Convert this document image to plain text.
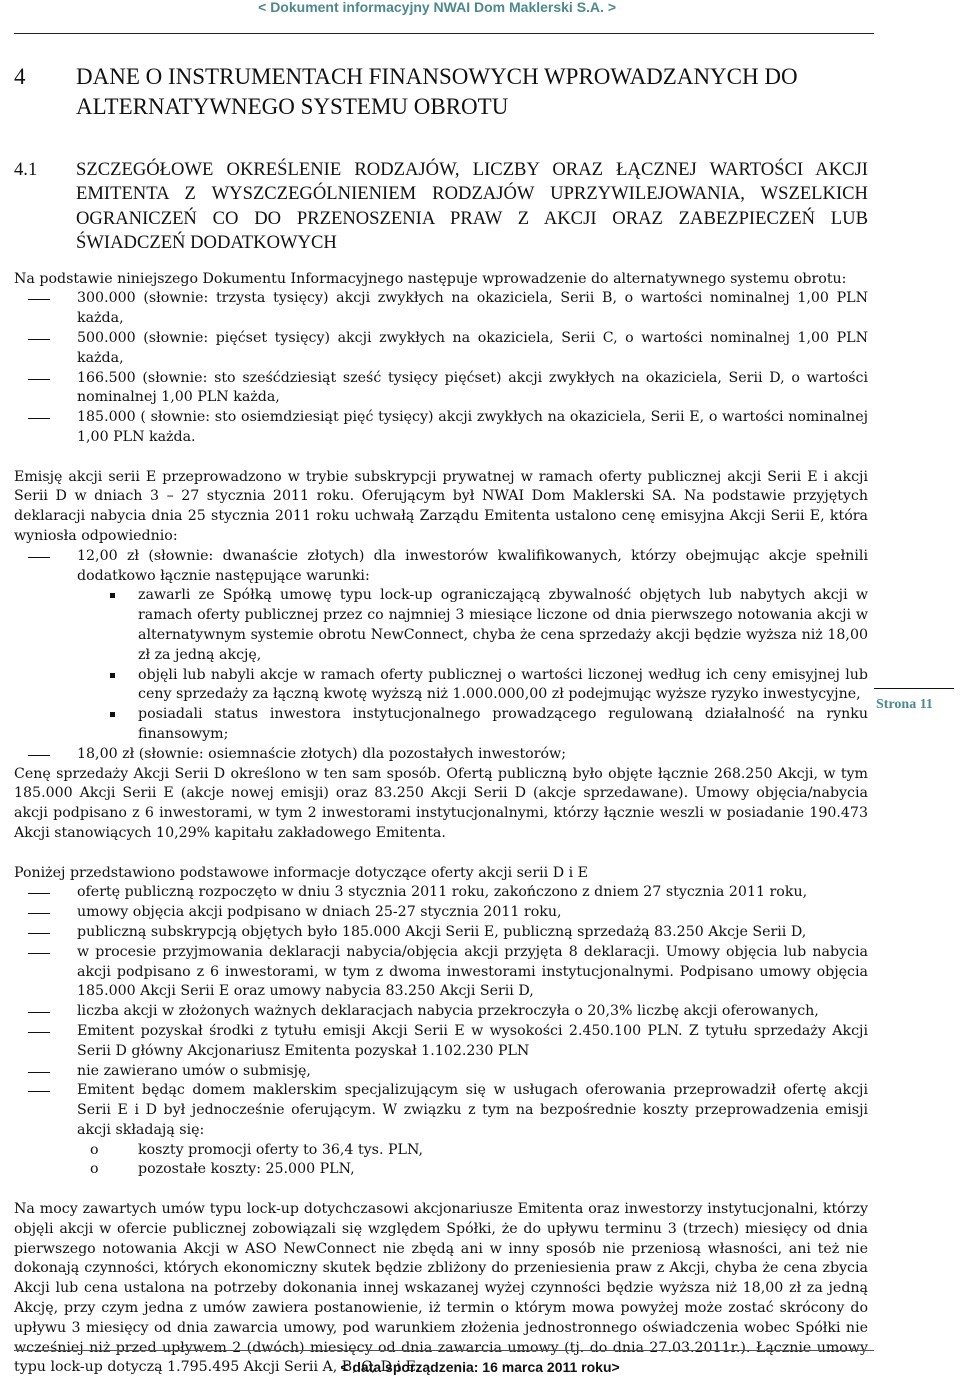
< Dokument informacyjny NWAI Dom Maklerski S.A. >
4	DANE O INSTRUMENTACH FINANSOWYCH WPROWADZANYCH DO ALTERNATYWNEGO SYSTEMU OBROTU
4.1	SZCZEGÓŁOWE OKREŚLENIE RODZAJÓW, LICZBY ORAZ ŁĄCZNEJ WARTOŚCI AKCJI EMITENTA Z WYSZCZEGÓLNIENIEM RODZAJÓW UPRZYWILEJOWANIA, WSZELKICH OGRANICZEŃ CO DO PRZENOSZENIA PRAW Z AKCJI ORAZ ZABEZPIECZEŃ LUB ŚWIADCZEŃ DODATKOWYCH

Na podstawie niniejszego Dokumentu Informacyjnego następuje wprowadzenie do alternatywnego systemu obrotu:

300.000 (słownie: trzysta tysięcy) akcji zwykłych na okaziciela, Serii B, o wartości nominalnej 1,00 PLN każda,
500.000 (słownie: pięćset tysięcy) akcji zwykłych na okaziciela, Serii C, o wartości nominalnej 1,00 PLN każda,
166.500 (słownie: sto sześćdziesiąt sześć tysięcy pięćset) akcji zwykłych na okaziciela, Serii D, o wartości nominalnej 1,00 PLN każda,
185.000 ( słownie: sto osiemdziesiąt pięć tysięcy) akcji zwykłych na okaziciela, Serii E, o wartości nominalnej 1,00 PLN każda.

Emisję akcji serii E przeprowadzono w trybie subskrypcji prywatnej w ramach oferty publicznej akcji Serii E i akcji Serii D w dniach 3 – 27 stycznia 2011 roku. Oferującym był NWAI Dom Maklerski SA. Na podstawie przyjętych deklaracji nabycia dnia 25 stycznia 2011 roku uchwałą Zarządu Emitenta ustalono cenę emisyjna Akcji Serii E, która wyniosła odpowiednio:

12,00 zł (słownie: dwanaście złotych) dla inwestorów kwalifikowanych, którzy obejmując akcje spełnili dodatkowo łącznie następujące warunki:
zawarli ze Spółką umowę typu lock-up ograniczającą zbywalność objętych lub nabytych akcji w ramach oferty publicznej przez co najmniej 3 miesiące liczone od dnia pierwszego notowania akcji w alternatywnym systemie obrotu NewConnect, chyba że cena sprzedaży akcji będzie wyższa niż 18,00 zł za jedną akcję,
objęli lub nabyli akcje w ramach oferty publicznej o wartości liczonej według ich ceny emisyjnej lub ceny sprzedaży za łączną kwotę wyższą niż 1.000.000,00 zł podejmując wyższe ryzyko inwestycyjne,
posiadali status inwestora instytucjonalnego prowadzącego regulowaną działalność na rynku finansowym;
18,00 zł (słownie: osiemnaście złotych) dla pozostałych inwestorów;

Cenę sprzedaży Akcji Serii D określono w ten sam sposób. Ofertą publiczną było objęte łącznie 268.250 Akcji, w tym 185.000 Akcji Serii E (akcje nowej emisji) oraz 83.250 Akcji Serii D (akcje sprzedawane). Umowy objęcia/nabycia akcji podpisano z 6 inwestorami, w tym 2 inwestorami instytucjonalnymi, którzy łącznie weszli w posiadanie 190.473 Akcji stanowiących 10,29% kapitału zakładowego Emitenta.

Poniżej przedstawiono podstawowe informacje dotyczące oferty akcji serii D i E

ofertę publiczną rozpoczęto w dniu 3 stycznia 2011 roku, zakończono z dniem 27 stycznia 2011 roku,
umowy objęcia akcji podpisano w dniach 25-27 stycznia 2011 roku,
publiczną subskrypcją objętych było 185.000 Akcji Serii E, publiczną sprzedażą 83.250 Akcje Serii D,
w procesie przyjmowania deklaracji nabycia/objęcia akcji przyjęta 8 deklaracji. Umowy objęcia lub nabycia akcji podpisano z 6 inwestorami, w tym z dwoma inwestorami instytucjonalnymi. Podpisano umowy objęcia 185.000 Akcji Serii E oraz umowy nabycia 83.250 Akcji Serii D,
liczba akcji w złożonych ważnych deklaracjach nabycia przekroczyła o 20,3% liczbę akcji oferowanych,
Emitent pozyskał środki z tytułu emisji Akcji Serii E w wysokości 2.450.100 PLN. Z tytułu sprzedaży Akcji Serii D główny Akcjonariusz Emitenta pozyskał 1.102.230 PLN
nie zawierano umów o submisję,
Emitent będąc domem maklerskim specjalizującym się w usługach oferowania przeprowadził ofertę akcji Serii E i D był jednocześnie oferującym. W związku z tym na bezpośrednie koszty przeprowadzenia emisji akcji składają się:
o	koszty promocji oferty to 36,4 tys. PLN,
o	pozostałe koszty: 25.000 PLN,

Na mocy zawartych umów typu lock-up dotychczasowi akcjonariusze Emitenta oraz inwestorzy instytucjonalni, którzy objęli akcji w ofercie publicznej zobowiązali się względem Spółki, że do upływu terminu 3 (trzech) miesięcy od dnia pierwszego notowania Akcji w ASO NewConnect nie zbędą ani w inny sposób nie przeniosą własności, ani też nie dokonają czynności, których ekonomiczny skutek będzie zbliżony do przeniesienia praw z Akcji, chyba że cena zbycia Akcji lub cena ustalona na potrzeby dokonania innej wskazanej wyżej czynności będzie wyższa niż 18,00 zł za jedną Akcję, przy czym jedna z umów zawiera postanowienie, iż termin o którym mowa powyżej może zostać skrócony do upływu 3 miesięcy od dnia zawarcia umowy, pod warunkiem złożenia jednostronnego oświadczenia wobec Spółki nie wcześniej niż przed upływem 2 (dwóch) miesięcy od dnia zawarcia umowy (tj. do dnia 27.03.2011r.). Łącznie umowy typu lock-up dotyczą 1.795.495 Akcji Serii A, B, C, D i E.

Strona 11
< data sporządzenia: 16 marca 2011 roku>
